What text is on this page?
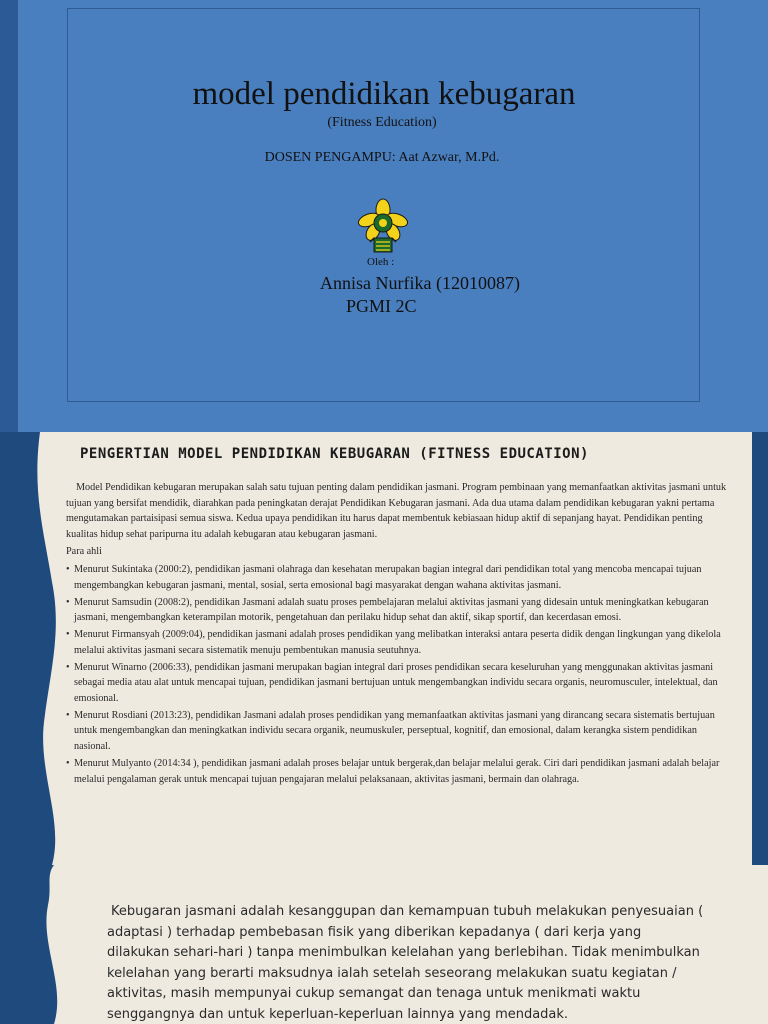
model pendidikan kebugaran
(Fitness Education)
DOSEN PENGAMPU: Aat Azwar, M.Pd.
Oleh :
Annisa Nurfika (12010087)
PGMI 2C
PENGERTIAN MODEL PENDIDIKAN KEBUGARAN (FITNESS EDUCATION)

Model Pendidikan kebugaran merupakan salah satu tujuan penting dalam pendidikan jasmani. Program pembinaan yang memanfaatkan aktivitas jasmani untuk tujuan yang bersifat mendidik, diarahkan pada peningkatan derajat Pendidikan Kebugaran jasmani. Ada dua utama dalam pendidikan kebugaran yakni pertama mengutamakan partaisipasi semua siswa. Kedua upaya pendidikan itu harus dapat membentuk kebiasaan hidup aktif di sepanjang hayat. Pendidikan penting kualitas hidup sehat paripurna itu adalah kebugaran atau kebugaran jasmani.

Para ahli

• Menurut Sukintaka (2000:2), pendidikan jasmani olahraga dan kesehatan merupakan bagian integral dari pendidikan total yang mencoba mencapai tujuan mengembangkan kebugaran jasmani, mental, sosial, serta emosional bagi masyarakat dengan wahana aktivitas jasmani.
• Menurut Samsudin (2008:2), pendidikan Jasmani adalah suatu proses pembelajaran melalui aktivitas jasmani yang didesain untuk meningkatkan kebugaran jasmani, mengembangkan keterampilan motorik, pengetahuan dan perilaku hidup sehat dan aktif, sikap sportif, dan kecerdasan emosi.
• Menurut Firmansyah (2009:04), pendidikan jasmani adalah proses pendidikan yang melibatkan interaksi antara peserta didik dengan lingkungan yang dikelola melalui aktivitas jasmani secara sistematik menuju pembentukan manusia seutuhnya.
• Menurut Winarno (2006:33), pendidikan jasmani merupakan bagian integral dari proses pendidikan secara keseluruhan yang menggunakan aktivitas jasmani sebagai media atau alat untuk mencapai tujuan, pendidikan jasmani bertujuan untuk mengembangkan individu secara organis, neuromusculer, intelektual, dan emosional.
• Menurut Rosdiani (2013:23), pendidikan Jasmani adalah proses pendidikan yang memanfaatkan aktivitas jasmani yang dirancang secara sistematis bertujuan untuk mengembangkan dan meningkatkan individu secara organik, neumuskuler, perseptual, kognitif, dan emosional, dalam kerangka sistem pendidikan nasional.
• Menurut Mulyanto (2014:34 ), pendidikan jasmani adalah proses belajar untuk bergerak,dan belajar melalui gerak. Ciri dari pendidikan jasmani adalah belajar melalui pengalaman gerak untuk mencapai tujuan pengajaran melalui pelaksanaan, aktivitas jasmani, bermain dan olahraga.

Kebugaran jasmani adalah kesanggupan dan kemampuan tubuh melakukan penyesuaian ( adaptasi ) terhadap pembebasan fisik yang diberikan kepadanya ( dari kerja yang dilakukan sehari-hari ) tanpa menimbulkan kelelahan yang berlebihan. Tidak menimbulkan kelelahan yang berarti maksudnya ialah setelah seseorang melakukan suatu kegiatan / aktivitas, masih mempunyai cukup semangat dan tenaga untuk menikmati waktu senggangnya dan untuk keperluan-keperluan lainnya yang mendadak.
